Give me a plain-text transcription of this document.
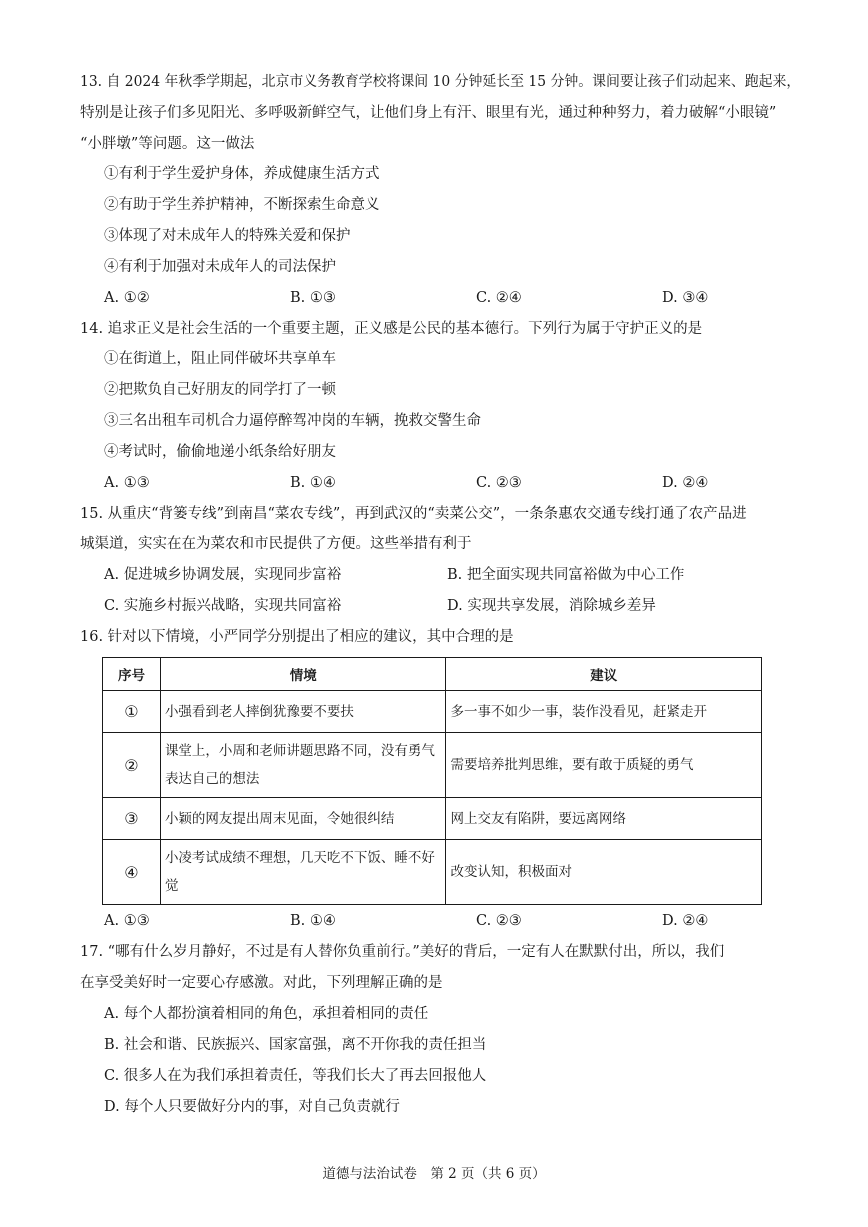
13. 自 2024 年秋季学期起，北京市义务教育学校将课间 10 分钟延长至 15 分钟。课间要让孩子们动起来、跑起来，
特别是让孩子们多见阳光、多呼吸新鲜空气，让他们身上有汗、眼里有光，通过种种努力，着力破解“小眼镜”
“小胖墩”等问题。这一做法
①有利于学生爱护身体，养成健康生活方式
②有助于学生养护精神，不断探索生命意义
③体现了对未成年人的特殊关爱和保护
④有利于加强对未成年人的司法保护
A. ①②	B. ①③	C. ②④	D. ③④
14. 追求正义是社会生活的一个重要主题，正义感是公民的基本德行。下列行为属于守护正义的是
①在街道上，阻止同伴破坏共享单车
②把欺负自己好朋友的同学打了一顿
③三名出租车司机合力逼停醉驾冲岗的车辆，挽救交警生命
④考试时，偷偷地递小纸条给好朋友
A. ①③	B. ①④	C. ②③	D. ②④
15. 从重庆“背篓专线”到南昌“菜农专线”，再到武汉的“卖菜公交”，一条条惠农交通专线打通了农产品进
城渠道，实实在在为菜农和市民提供了方便。这些举措有利于
A. 促进城乡协调发展，实现同步富裕	B. 把全面实现共同富裕做为中心工作
C. 实施乡村振兴战略，实现共同富裕	D. 实现共享发展，消除城乡差异
16. 针对以下情境，小严同学分别提出了相应的建议，其中合理的是
序号	情境	建议
①	小强看到老人摔倒犹豫要不要扶	多一事不如少一事，装作没看见，赶紧走开
②	课堂上，小周和老师讲题思路不同，没有勇气表达自己的想法	需要培养批判思维，要有敢于质疑的勇气
③	小颖的网友提出周末见面，令她很纠结	网上交友有陷阱，要远离网络
④	小凌考试成绩不理想，几天吃不下饭、睡不好觉	改变认知，积极面对
A. ①③	B. ①④	C. ②③	D. ②④
17. “哪有什么岁月静好，不过是有人替你负重前行。”美好的背后，一定有人在默默付出，所以，我们
在享受美好时一定要心存感激。对此，下列理解正确的是
A. 每个人都扮演着相同的角色，承担着相同的责任
B. 社会和谐、民族振兴、国家富强，离不开你我的责任担当
C. 很多人在为我们承担着责任，等我们长大了再去回报他人
D. 每个人只要做好分内的事，对自己负责就行
道德与法治试卷　第 2 页（共 6 页）
